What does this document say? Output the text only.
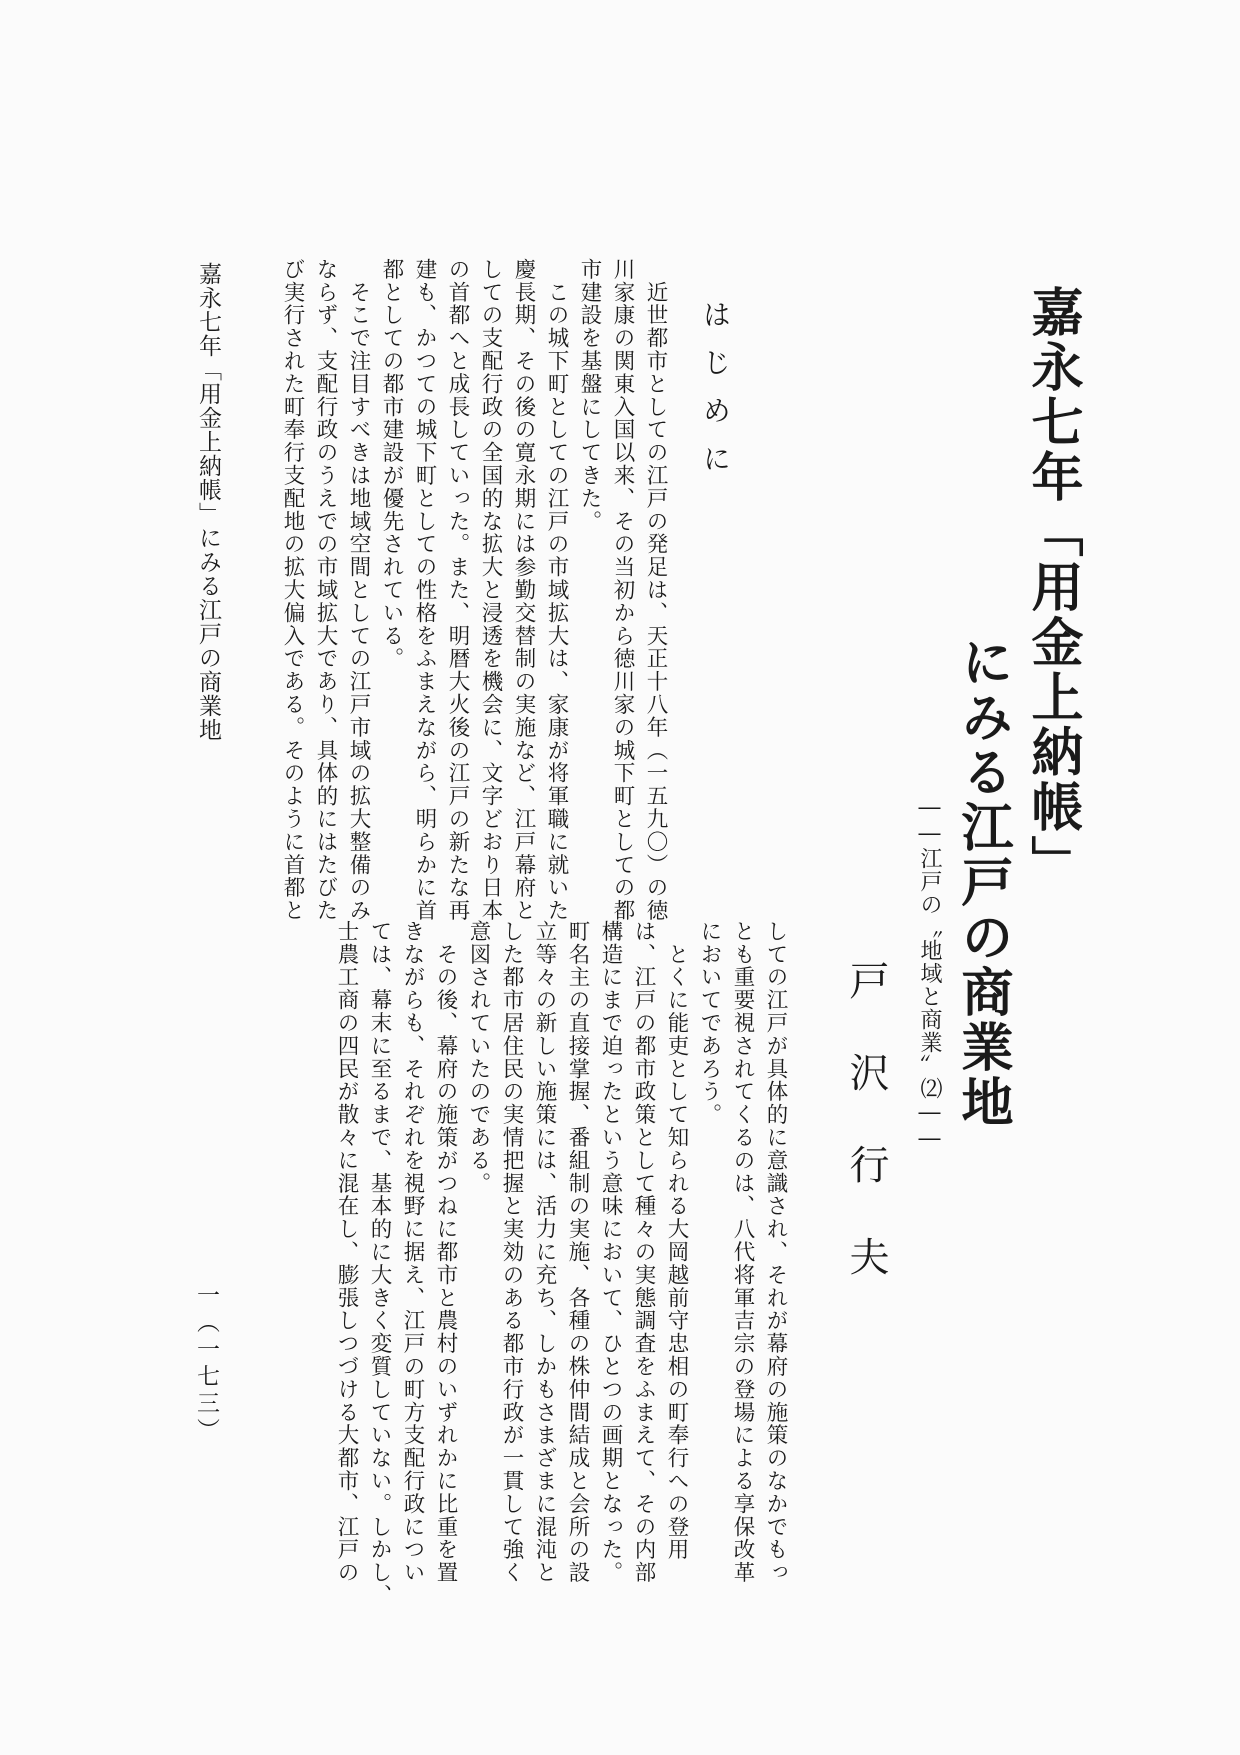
嘉永七年「用金上納帳」
にみる江戸の商業地
――江戸の〝地域と商業〟⑵――
戸沢行夫
しての江戸が具体的に意識され、それが幕府の施策のなかでもっ
とも重要視されてくるのは、八代将軍吉宗の登場による享保改革
においてであろう。
　とくに能吏として知られる大岡越前守忠相の町奉行への登用
は、江戸の都市政策として種々の実態調査をふまえて、その内部
構造にまで迫ったという意味において、ひとつの画期となった。
町名主の直接掌握、番組制の実施、各種の株仲間結成と会所の設
立等々の新しい施策には、活力に充ち、しかもさまざまに混沌と
した都市居住民の実情把握と実効のある都市行政が一貫して強く
意図されていたのである。
　その後、幕府の施策がつねに都市と農村のいずれかに比重を置
きながらも、それぞれを視野に据え、江戸の町方支配行政につい
ては、幕末に至るまで、基本的に大きく変質していない。しかし、
士農工商の四民が散々に混在し、膨張しつづける大都市、江戸の
はじめに
　近世都市としての江戸の発足は、天正十八年（一五九〇）の徳
川家康の関東入国以来、その当初から徳川家の城下町としての都
市建設を基盤にしてきた。
　この城下町としての江戸の市域拡大は、家康が将軍職に就いた
慶長期、その後の寛永期には参勤交替制の実施など、江戸幕府と
しての支配行政の全国的な拡大と浸透を機会に、文字どおり日本
の首都へと成長していった。また、明暦大火後の江戸の新たな再
建も、かつての城下町としての性格をふまえながら、明らかに首
都としての都市建設が優先されている。
　そこで注目すべきは地域空間としての江戸市域の拡大整備のみ
ならず、支配行政のうえでの市域拡大であり、具体的にはたびた
び実行された町奉行支配地の拡大偏入である。そのように首都と
嘉永七年「用金上納帳」にみる江戸の商業地
一（一七三）
